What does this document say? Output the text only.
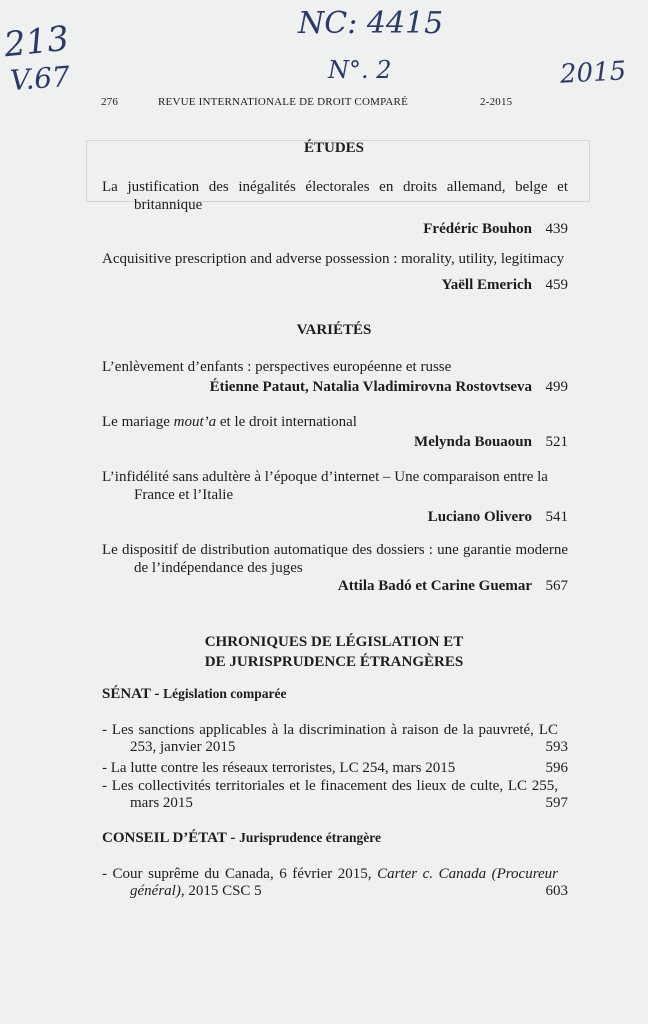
213
V.67
NC: 4415
N°. 2	2015
276	REVUE INTERNATIONALE DE DROIT COMPARÉ	2-2015
ÉTUDES
La justification des inégalités électorales en droits allemand, belge et britannique
Frédéric Bouhon 439
Acquisitive prescription and adverse possession : morality, utility, legitimacy
Yaëll Emerich 459
VARIÉTÉS
L’enlèvement d’enfants : perspectives européenne et russe
Étienne Pataut, Natalia Vladimirovna Rostovtseva 499
Le mariage mout’a et le droit international
Melynda Bouaoun 521
L’infidélité sans adultère à l’époque d’internet – Une comparaison entre la France et l’Italie
Luciano Olivero 541
Le dispositif de distribution automatique des dossiers : une garantie moderne de l’indépendance des juges
Attila Badó et Carine Guemar 567
CHRONIQUES DE LÉGISLATION ET
DE JURISPRUDENCE ÉTRANGÈRES
SÉNAT - Législation comparée
- Les sanctions applicables à la discrimination à raison de la pauvreté, LC 253, janvier 2015	593
- La lutte contre les réseaux terroristes, LC 254, mars 2015	596
- Les collectivités territoriales et le finacement des lieux de culte, LC 255, mars 2015	597
CONSEIL D’ÉTAT - Jurisprudence étrangère
- Cour suprême du Canada, 6 février 2015, Carter c. Canada (Procureur général), 2015 CSC 5	603
